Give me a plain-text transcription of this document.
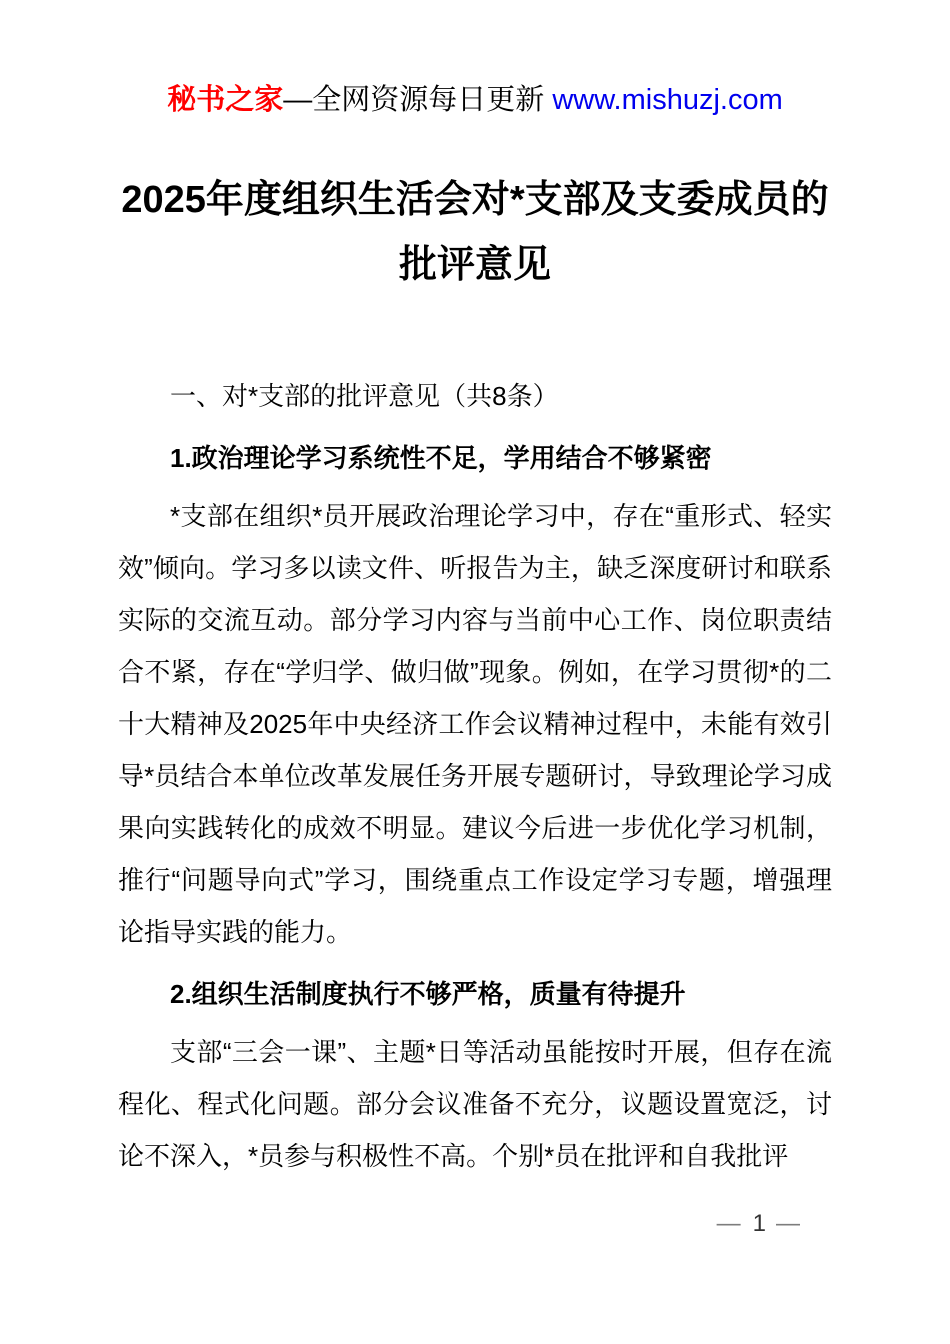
秘书之家—全网资源每日更新 www.mishuzj.com
2025年度组织生活会对*支部及支委成员的
批评意见
一、对*支部的批评意见（共8条）
1.政治理论学习系统性不足，学用结合不够紧密
*支部在组织*员开展政治理论学习中，存在“重形式、轻实效”倾向。学习多以读文件、听报告为主，缺乏深度研讨和联系实际的交流互动。部分学习内容与当前中心工作、岗位职责结合不紧，存在“学归学、做归做”现象。例如，在学习贯彻*的二十大精神及2025年中央经济工作会议精神过程中，未能有效引导*员结合本单位改革发展任务开展专题研讨，导致理论学习成果向实践转化的成效不明显。建议今后进一步优化学习机制，推行“问题导向式”学习，围绕重点工作设定学习专题，增强理论指导实践的能力。
2.组织生活制度执行不够严格，质量有待提升
支部“三会一课”、主题*日等活动虽能按时开展，但存在流程化、程式化问题。部分会议准备不充分，议题设置宽泛，讨论不深入，*员参与积极性不高。个别*员在批评和自我批评
— 1 —
